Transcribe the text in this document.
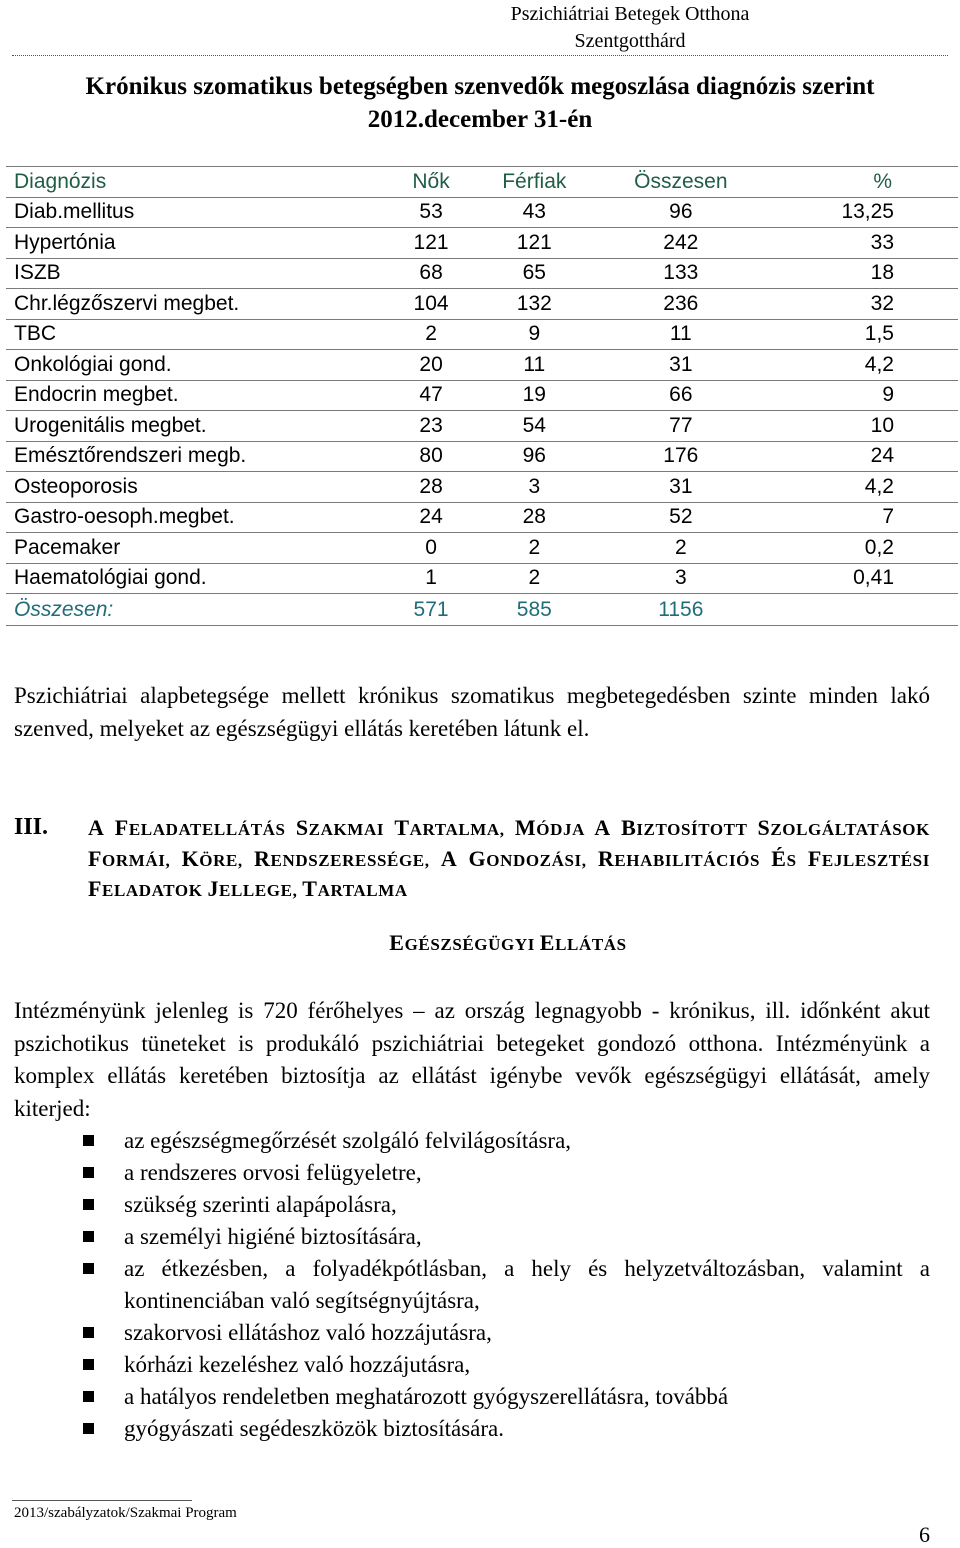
Pszichiátriai Betegek Otthona
Szentgotthárd
Krónikus szomatikus betegségben szenvedők megoszlása diagnózis szerint
2012.december 31-én
Diagnózis	Nők	Férfiak	Összesen	%
Diab.mellitus	53	43	96	13,25
Hypertónia	121	121	242	33
ISZB	68	65	133	18
Chr.légzőszervi megbet.	104	132	236	32
TBC	2	9	11	1,5
Onkológiai gond.	20	11	31	4,2
Endocrin megbet.	47	19	66	9
Urogenitális megbet.	23	54	77	10
Emésztőrendszeri megb.	80	96	176	24
Osteoporosis	28	3	31	4,2
Gastro-oesoph.megbet.	24	28	52	7
Pacemaker	0	2	2	0,2
Haematológiai gond.	1	2	3	0,41
Összesen:	571	585	1156	
Pszichiátriai alapbetegsége mellett krónikus szomatikus megbetegedésben szinte minden lakó szenved, melyeket az egészségügyi ellátás keretében látunk el.
III. A FELADATELLÁTÁS SZAKMAI TARTALMA, MÓDJA A BIZTOSÍTOTT SZOLGÁLTATÁSOK FORMÁI, KÖRE, RENDSZERESSÉGE, A GONDOZÁSI, REHABILITÁCIÓS ÉS FEJLESZTÉSI FELADATOK JELLEGE, TARTALMA
EGÉSZSÉGÜGYI ELLÁTÁS
Intézményünk jelenleg is 720 férőhelyes – az ország legnagyobb - krónikus, ill. időnként akut pszichotikus tüneteket is produkáló pszichiátriai betegeket gondozó otthona. Intézményünk a komplex ellátás keretében biztosítja az ellátást igénybe vevők egészségügyi ellátását, amely kiterjed:
az egészségmegőrzését szolgáló felvilágosításra,
a rendszeres orvosi felügyeletre,
szükség szerinti alapápolásra,
a személyi higiéné biztosítására,
az étkezésben, a folyadékpótlásban, a hely és helyzetváltozásban, valamint a kontinenciában való segítségnyújtásra,
szakorvosi ellátáshoz való hozzájutásra,
kórházi kezeléshez való hozzájutásra,
a hatályos rendeletben meghatározott gyógyszerellátásra, továbbá
gyógyászati segédeszközök biztosítására.
2013/szabályzatok/Szakmai Program
6
